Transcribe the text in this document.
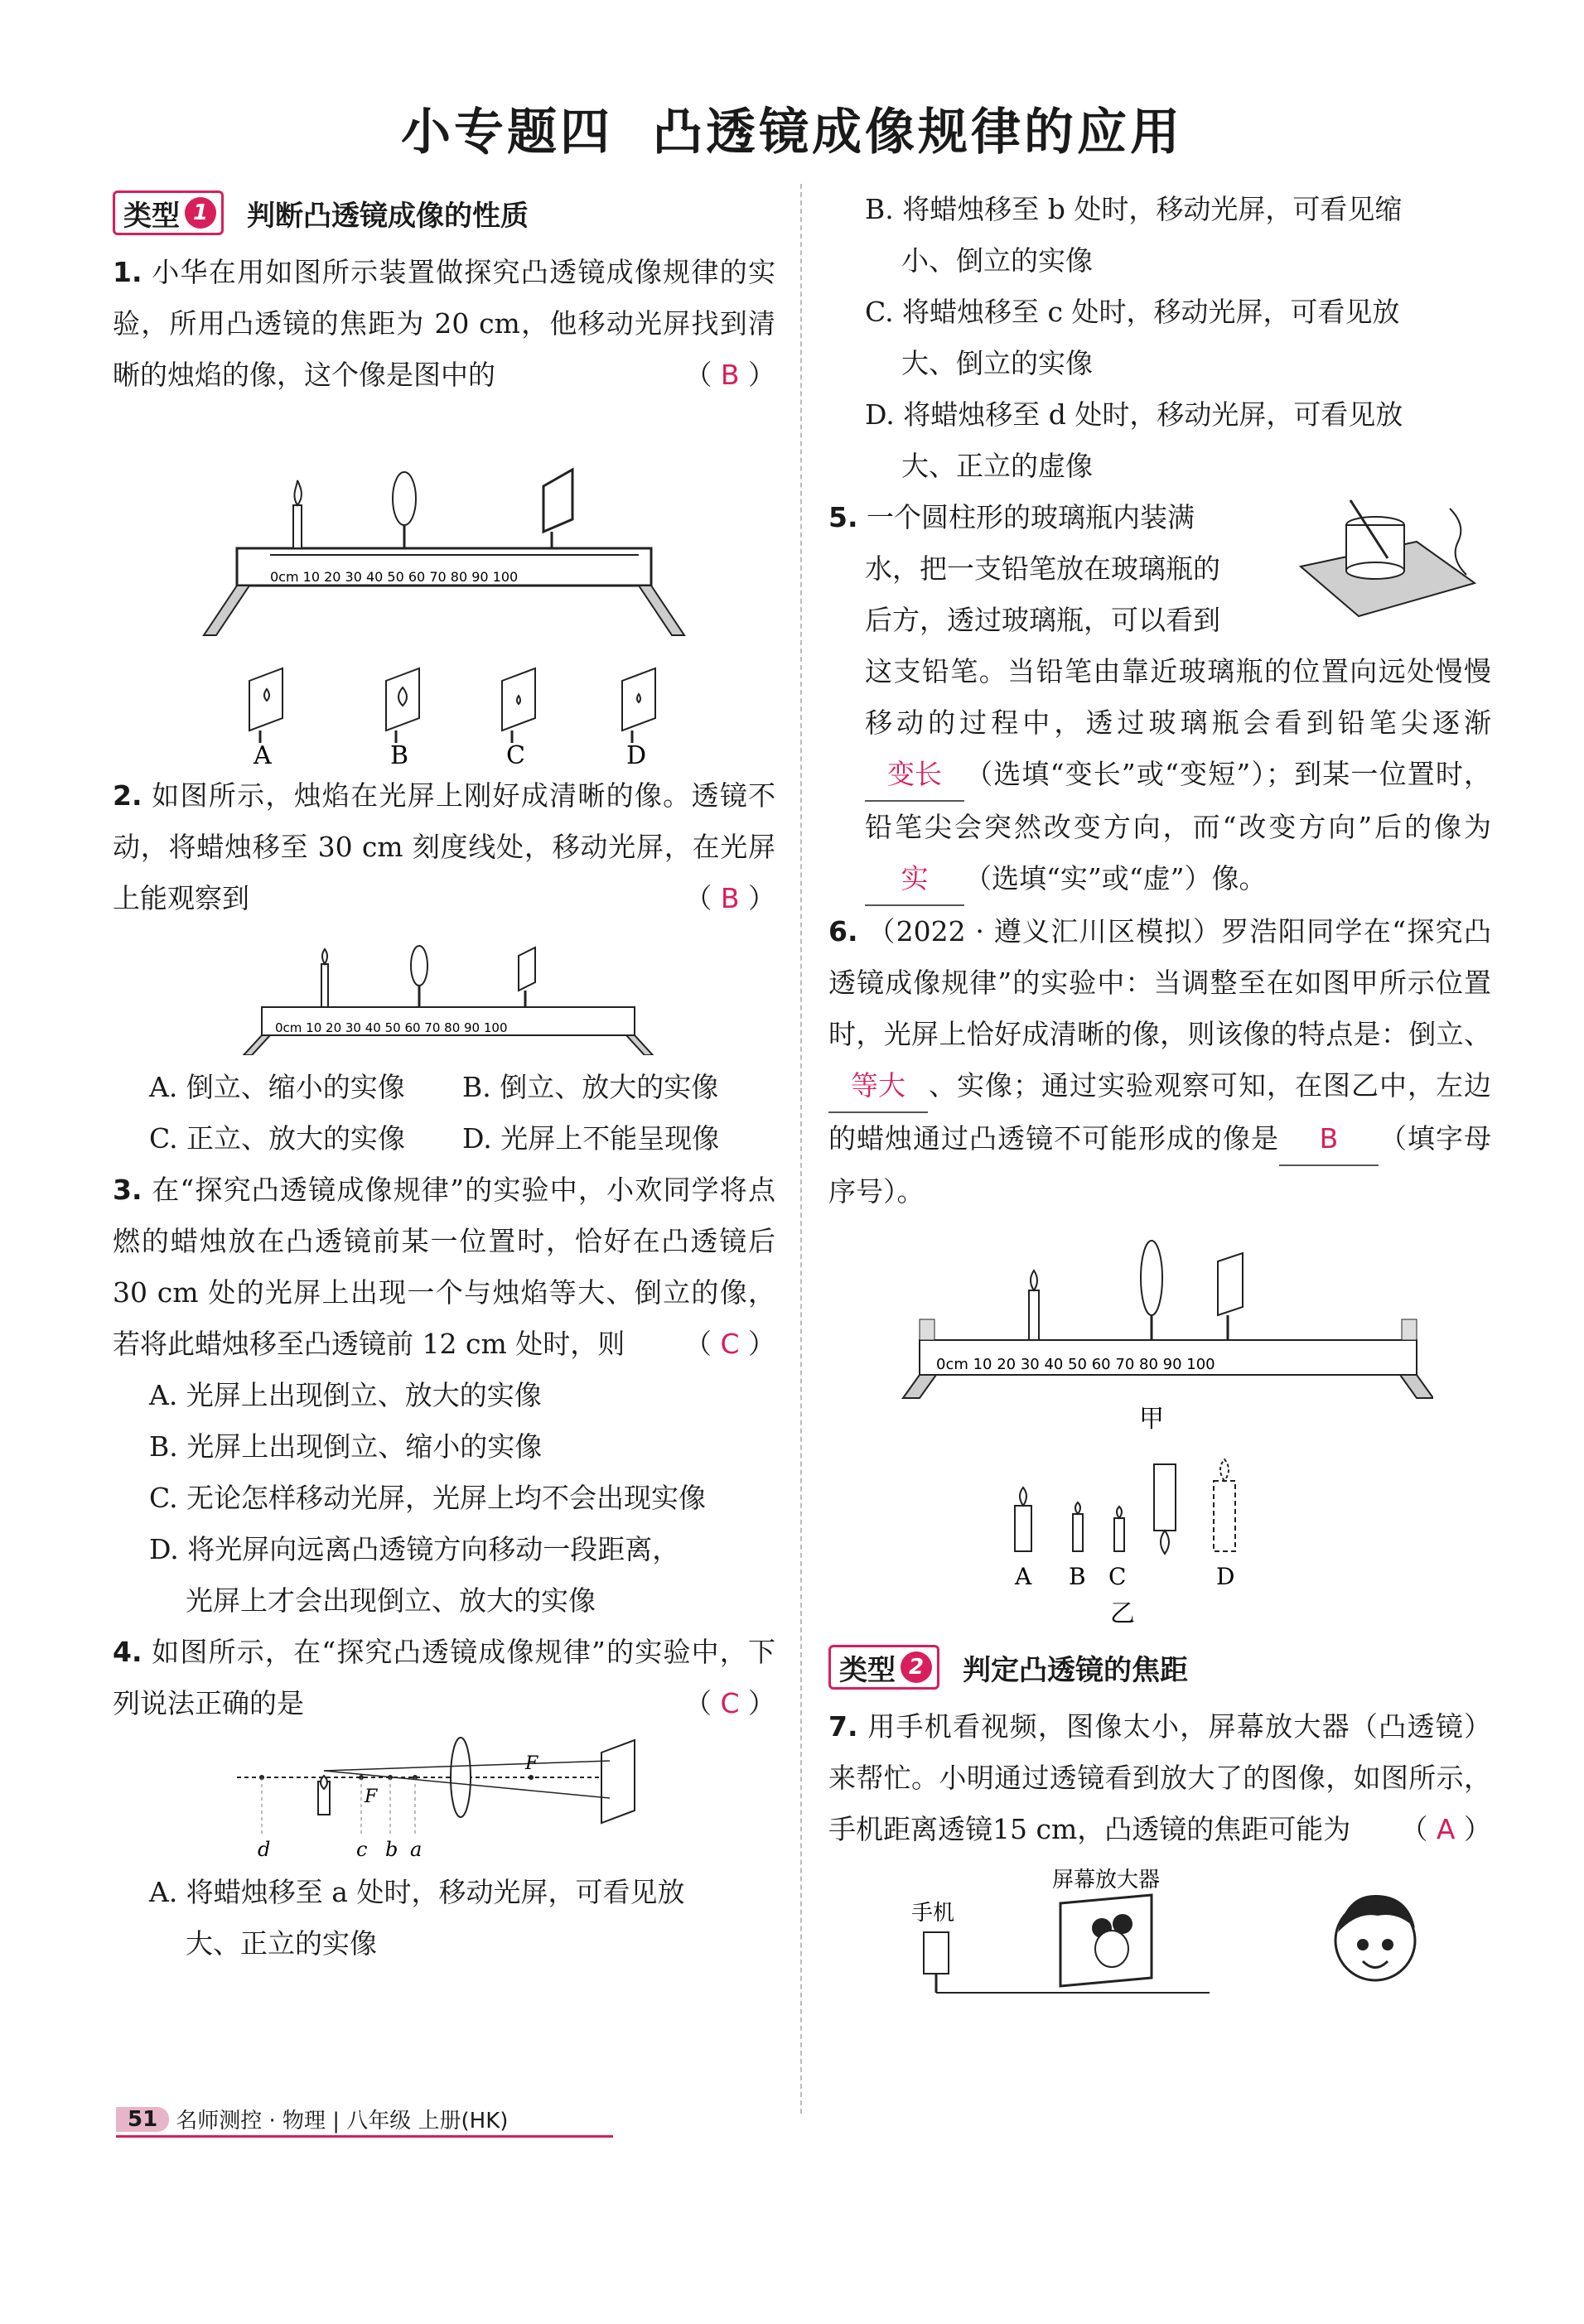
小专题四 凸透镜成像规律的应用
类型 1 判断凸透镜成像的性质
1. 小华在用如图所示装置做探究凸透镜成像规律的实验，所用凸透镜的焦距为 20 cm，他移动光屏找到清晰的烛焰的像，这个像是图中的	（ B ）
0cm 10 20 30 40 50 60 70 80 90 100
A	B	C	D
2. 如图所示，烛焰在光屏上刚好成清晰的像。透镜不动，将蜡烛移至 30 cm 刻度线处，移动光屏，在光屏上能观察到	（ B ）
0cm 10 20 30 40 50 60 70 80 90 100
A. 倒立、缩小的实像	B. 倒立、放大的实像
C. 正立、放大的实像	D. 光屏上不能呈现像
3. 在“探究凸透镜成像规律”的实验中，小欢同学将点燃的蜡烛放在凸透镜前某一位置时，恰好在凸透镜后30 cm 处的光屏上出现一个与烛焰等大、倒立的像，若将此蜡烛移至凸透镜前 12 cm 处时，则 （ C ）
A. 光屏上出现倒立、放大的实像
B. 光屏上出现倒立、缩小的实像
C. 无论怎样移动光屏，光屏上均不会出现实像
D. 将光屏向远离凸透镜方向移动一段距离，
光屏上才会出现倒立、放大的实像
4. 如图所示，在“探究凸透镜成像规律”的实验中，下列说法正确的是	（ C ）
d	c b a
F
F
A. 将蜡烛移至 a 处时，移动光屏，可看见放
大、正立的实像
B. 将蜡烛移至 b 处时，移动光屏，可看见缩
小、倒立的实像
C. 将蜡烛移至 c 处时，移动光屏，可看见放
大、倒立的实像
D. 将蜡烛移至 d 处时，移动光屏，可看见放
大、正立的虚像
5. 一个圆柱形的玻璃瓶内装满
水，把一支铅笔放在玻璃瓶的
后方，透过玻璃瓶，可以看到
这支铅笔。当铅笔由靠近玻璃瓶的位置向远处慢慢移动的过程中，透过玻璃瓶会看到铅笔尖逐渐变长 （选填“变长”或“变短”）；到某一位置时，铅笔尖会突然改变方向，而“改变方向”后的像为实 （选填“实”或“虚”）像。
6. （2022 · 遵义汇川区模拟）罗浩阳同学在“探究凸透镜成像规律”的实验中：当调整至在如图甲所示位置时，光屏上恰好成清晰的像，则该像的特点是：倒立、等大 、实像；通过实验观察可知，在图乙中，左边的蜡烛通过凸透镜不可能形成的像是 B （填字母序号）。
0cm 10 20 30 40 50 60 70 80 90 100
甲
A B C	D
乙
类型 2 判定凸透镜的焦距
7. 用手机看视频，图像太小，屏幕放大器（凸透镜）来帮忙。小明通过透镜看到放大了的图像，如图所示，手机距离透镜15 cm，凸透镜的焦距可能为 （ A ）
屏幕放大器
手机
51 名师测控 · 物理 | 八年级 上册(HK)
